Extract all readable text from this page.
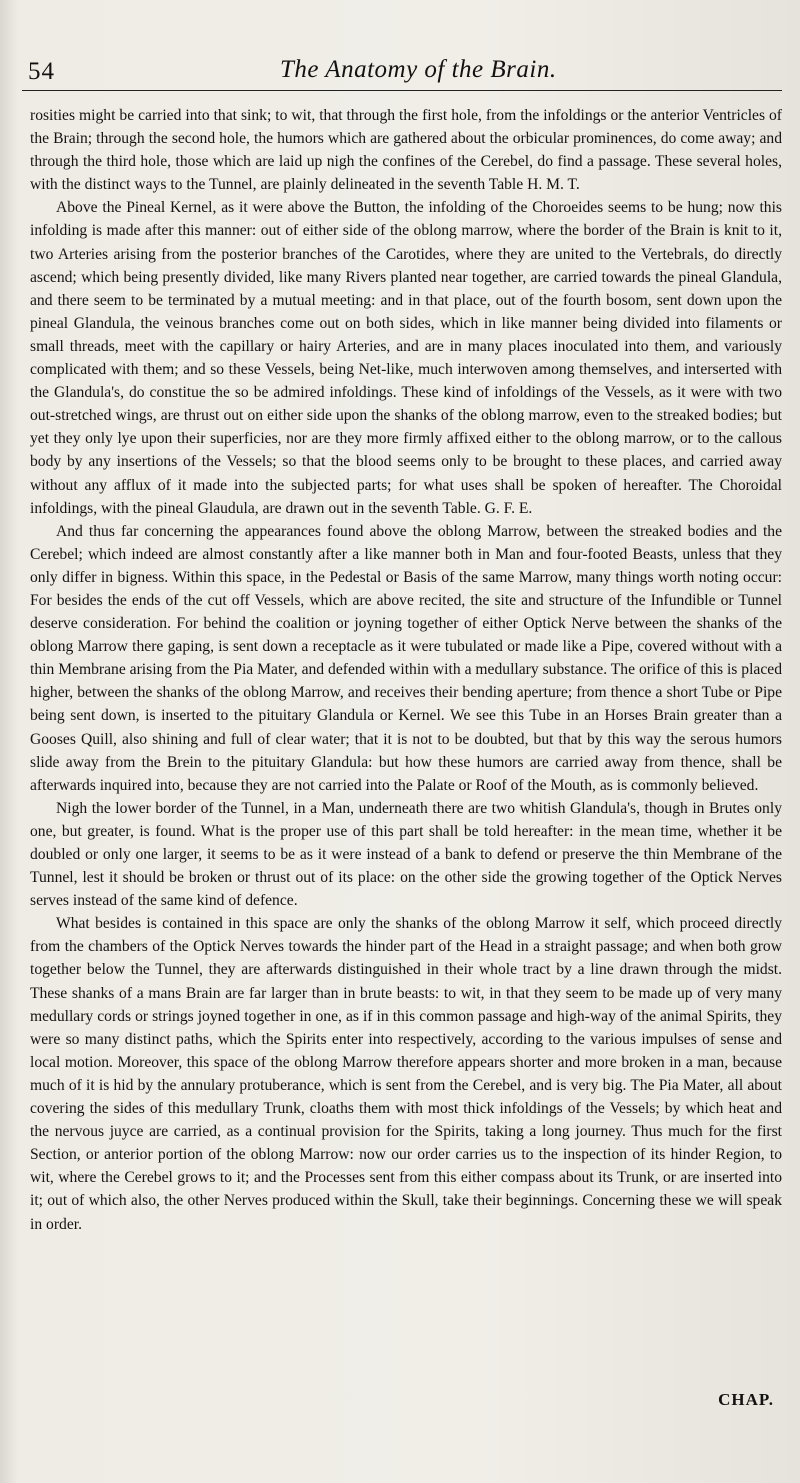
54	The Anatomy of the Brain.

rosities might be carried into that sink; to wit, that through the first hole, from the infoldings or the anterior Ventricles of the Brain; through the second hole, the humors which are gathered about the orbicular prominences, do come away; and through the third hole, those which are laid up nigh the confines of the Cerebel, do find a passage. These several holes, with the distinct ways to the Tunnel, are plainly delineated in the seventh Table H. M. T.

Above the Pineal Kernel, as it were above the Button, the infolding of the Choroeides seems to be hung; now this infolding is made after this manner: out of either side of the oblong marrow, where the border of the Brain is knit to it, two Arteries arising from the posterior branches of the Carotides, where they are united to the Vertebrals, do directly ascend; which being presently divided, like many Rivers planted near together, are carried towards the pineal Glandula, and there seem to be terminated by a mutual meeting: and in that place, out of the fourth bosom, sent down upon the pineal Glandula, the veinous branches come out on both sides, which in like manner being divided into filaments or small threads, meet with the capillary or hairy Arteries, and are in many places inoculated into them, and variously complicated with them; and so these Vessels, being Net-like, much interwoven among themselves, and interserted with the Glandula's, do constitue the so be admired infoldings. These kind of infoldings of the Vessels, as it were with two out-stretched wings, are thrust out on either side upon the shanks of the oblong marrow, even to the streaked bodies; but yet they only lye upon their superficies, nor are they more firmly affixed either to the oblong marrow, or to the callous body by any insertions of the Vessels; so that the blood seems only to be brought to these places, and carried away without any afflux of it made into the subjected parts; for what uses shall be spoken of hereafter. The Choroidal infoldings, with the pineal Glaudula, are drawn out in the seventh Table. G. F. E.

And thus far concerning the appearances found above the oblong Marrow, between the streaked bodies and the Cerebel; which indeed are almost constantly after a like manner both in Man and four-footed Beasts, unless that they only differ in bigness. Within this space, in the Pedestal or Basis of the same Marrow, many things worth noting occur: For besides the ends of the cut off Vessels, which are above recited, the site and structure of the Infundible or Tunnel deserve consideration. For behind the coalition or joyning together of either Optick Nerve between the shanks of the oblong Marrow there gaping, is sent down a receptacle as it were tubulated or made like a Pipe, covered without with a thin Membrane arising from the Pia Mater, and defended within with a medullary substance. The orifice of this is placed higher, between the shanks of the oblong Marrow, and receives their bending aperture; from thence a short Tube or Pipe being sent down, is inserted to the pituitary Glandula or Kernel. We see this Tube in an Horses Brain greater than a Gooses Quill, also shining and full of clear water; that it is not to be doubted, but that by this way the serous humors slide away from the Brein to the pituitary Glandula: but how these humors are carried away from thence, shall be afterwards inquired into, because they are not carried into the Palate or Roof of the Mouth, as is commonly believed.

Nigh the lower border of the Tunnel, in a Man, underneath there are two whitish Glandula's, though in Brutes only one, but greater, is found. What is the proper use of this part shall be told hereafter: in the mean time, whether it be doubled or only one larger, it seems to be as it were instead of a bank to defend or preserve the thin Membrane of the Tunnel, lest it should be broken or thrust out of its place: on the other side the growing together of the Optick Nerves serves instead of the same kind of defence.

What besides is contained in this space are only the shanks of the oblong Marrow it self, which proceed directly from the chambers of the Optick Nerves towards the hinder part of the Head in a straight passage; and when both grow together below the Tunnel, they are afterwards distinguished in their whole tract by a line drawn through the midst. These shanks of a mans Brain are far larger than in brute beasts: to wit, in that they seem to be made up of very many medullary cords or strings joyned together in one, as if in this common passage and high-way of the animal Spirits, they were so many distinct paths, which the Spirits enter into respectively, according to the various impulses of sense and local motion. Moreover, this space of the oblong Marrow therefore appears shorter and more broken in a man, because much of it is hid by the annulary protuberance, which is sent from the Cerebel, and is very big. The Pia Mater, all about covering the sides of this medullary Trunk, cloaths them with most thick infoldings of the Vessels; by which heat and the nervous juyce are carried, as a continual provision for the Spirits, taking a long journey. Thus much for the first Section, or anterior portion of the oblong Marrow: now our order carries us to the inspection of its hinder Region, to wit, where the Cerebel grows to it; and the Processes sent from this either compass about its Trunk, or are inserted into it; out of which also, the other Nerves produced within the Skull, take their beginnings. Concerning these we will speak in order.

CHAP.
